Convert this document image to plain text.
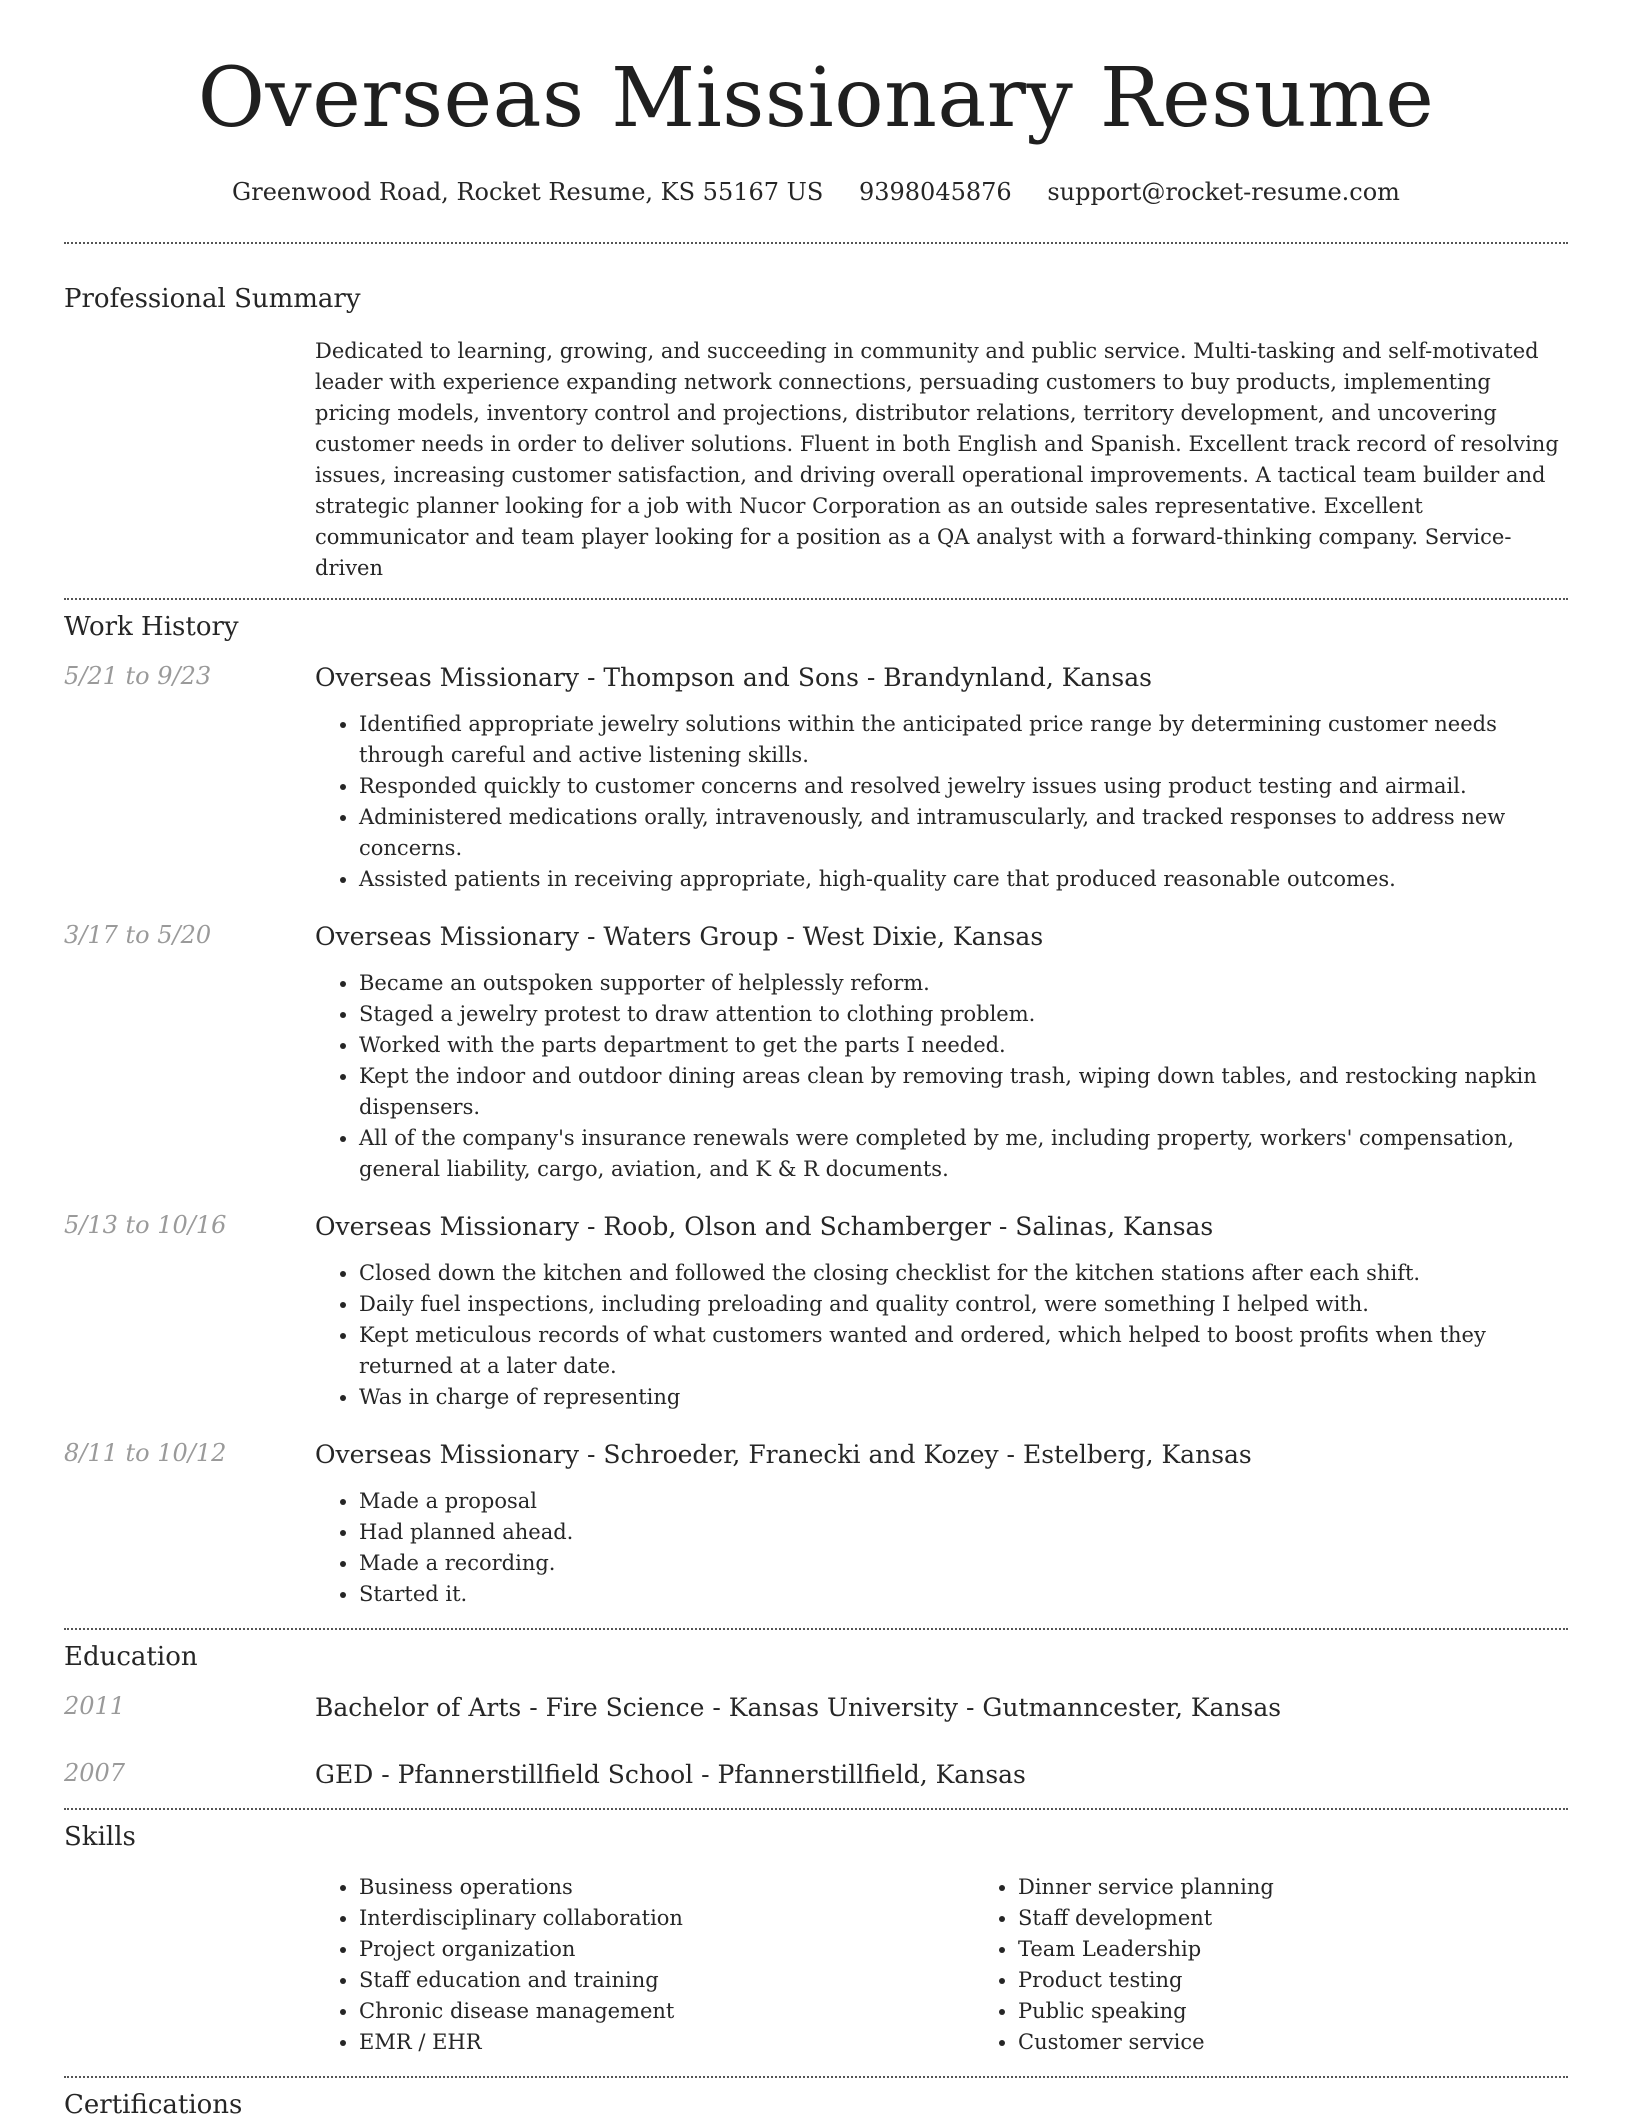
Overseas Missionary Resume
Greenwood Road, Rocket Resume, KS 55167 US 9398045876 support@rocket-resume.com
Professional Summary
Dedicated to learning, growing, and succeeding in community and public service. Multi-tasking and self-motivated leader with experience expanding network connections, persuading customers to buy products, implementing pricing models, inventory control and projections, distributor relations, territory development, and uncovering customer needs in order to deliver solutions. Fluent in both English and Spanish. Excellent track record of resolving issues, increasing customer satisfaction, and driving overall operational improvements. A tactical team builder and strategic planner looking for a job with Nucor Corporation as an outside sales representative. Excellent communicator and team player looking for a position as a QA analyst with a forward-thinking company. Service-driven
Work History
5/21 to 9/23	Overseas Missionary - Thompson and Sons - Brandynland, Kansas
• Identified appropriate jewelry solutions within the anticipated price range by determining customer needs through careful and active listening skills.
• Responded quickly to customer concerns and resolved jewelry issues using product testing and airmail.
• Administered medications orally, intravenously, and intramuscularly, and tracked responses to address new concerns.
• Assisted patients in receiving appropriate, high-quality care that produced reasonable outcomes.
3/17 to 5/20	Overseas Missionary - Waters Group - West Dixie, Kansas
• Became an outspoken supporter of helplessly reform.
• Staged a jewelry protest to draw attention to clothing problem.
• Worked with the parts department to get the parts I needed.
• Kept the indoor and outdoor dining areas clean by removing trash, wiping down tables, and restocking napkin dispensers.
• All of the company's insurance renewals were completed by me, including property, workers' compensation, general liability, cargo, aviation, and K & R documents.
5/13 to 10/16	Overseas Missionary - Roob, Olson and Schamberger - Salinas, Kansas
• Closed down the kitchen and followed the closing checklist for the kitchen stations after each shift.
• Daily fuel inspections, including preloading and quality control, were something I helped with.
• Kept meticulous records of what customers wanted and ordered, which helped to boost profits when they returned at a later date.
• Was in charge of representing
8/11 to 10/12	Overseas Missionary - Schroeder, Franecki and Kozey - Estelberg, Kansas
• Made a proposal
• Had planned ahead.
• Made a recording.
• Started it.
Education
2011	Bachelor of Arts - Fire Science - Kansas University - Gutmanncester, Kansas
2007	GED - Pfannerstillfield School - Pfannerstillfield, Kansas
Skills
• Business operations
• Interdisciplinary collaboration
• Project organization
• Staff education and training
• Chronic disease management
• EMR / EHR
• Dinner service planning
• Staff development
• Team Leadership
• Product testing
• Public speaking
• Customer service
Certifications
